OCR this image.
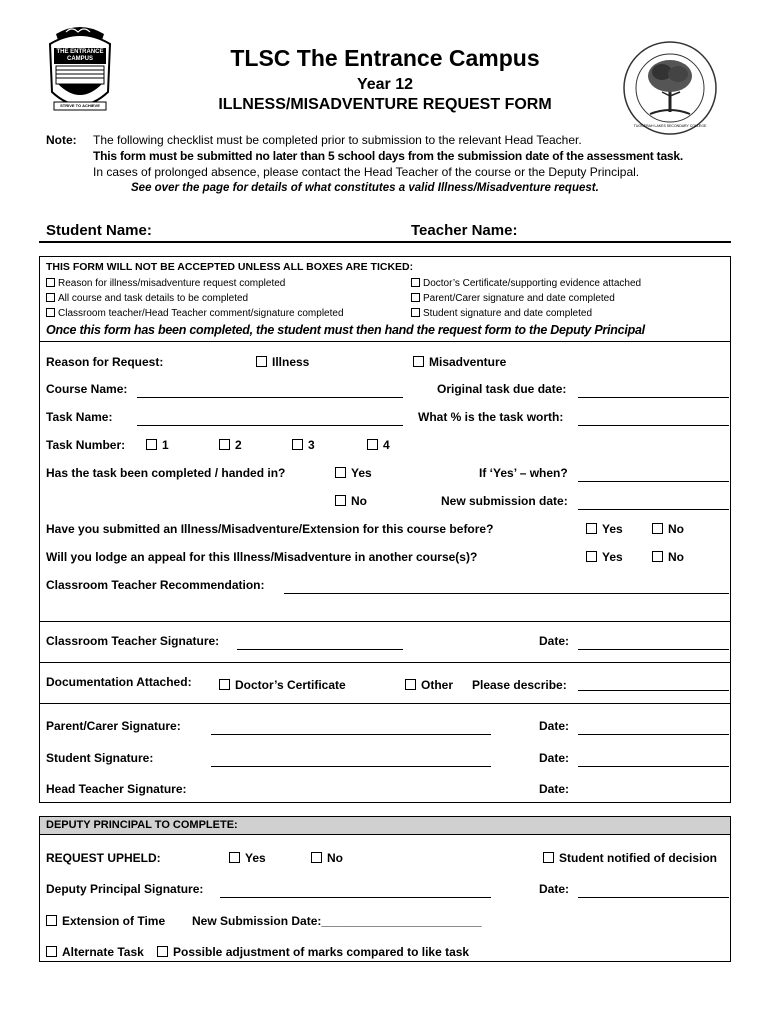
THE ENTRANCE
CAMPUS
STRIVE TO ACHIEVE
TUGGERAH LAKES SECONDARY COLLEGE
TLSC The Entrance Campus
Year 12
ILLNESS/MISADVENTURE REQUEST FORM
Note: The following checklist must be completed prior to submission to the relevant Head Teacher.
This form must be submitted no later than 5 school days from the submission date of the assessment task.
In cases of prolonged absence, please contact the Head Teacher of the course or the Deputy Principal.
See over the page for details of what constitutes a valid Illness/Misadventure request.
Student Name:	Teacher Name:
THIS FORM WILL NOT BE ACCEPTED UNLESS ALL BOXES ARE TICKED:
Reason for illness/misadventure request completed
All course and task details to be completed
Classroom teacher/Head Teacher comment/signature completed
Doctor’s Certificate/supporting evidence attached
Parent/Carer signature and date completed
Student signature and date completed
Once this form has been completed, the student must then hand the request form to the Deputy Principal
Reason for Request:	Illness	Misadventure
Course Name:	Original task due date:
Task Name:	What % is the task worth:
Task Number:	1	2	3	4
Has the task been completed / handed in?	Yes	If ‘Yes’ – when?
No	New submission date:
Have you submitted an Illness/Misadventure/Extension for this course before?	Yes	No
Will you lodge an appeal for this Illness/Misadventure in another course(s)?	Yes	No
Classroom Teacher Recommendation:
Classroom Teacher Signature:	Date:
Documentation Attached:	Doctor’s Certificate	Other Please describe:
Parent/Carer Signature:	Date:
Student Signature:	Date:
Head Teacher Signature:	Date:
DEPUTY PRINCIPAL TO COMPLETE:
REQUEST UPHELD:	Yes	No	Student notified of decision
Deputy Principal Signature:	Date:
Extension of Time New Submission Date:________________________
Alternate Task	Possible adjustment of marks compared to like task
